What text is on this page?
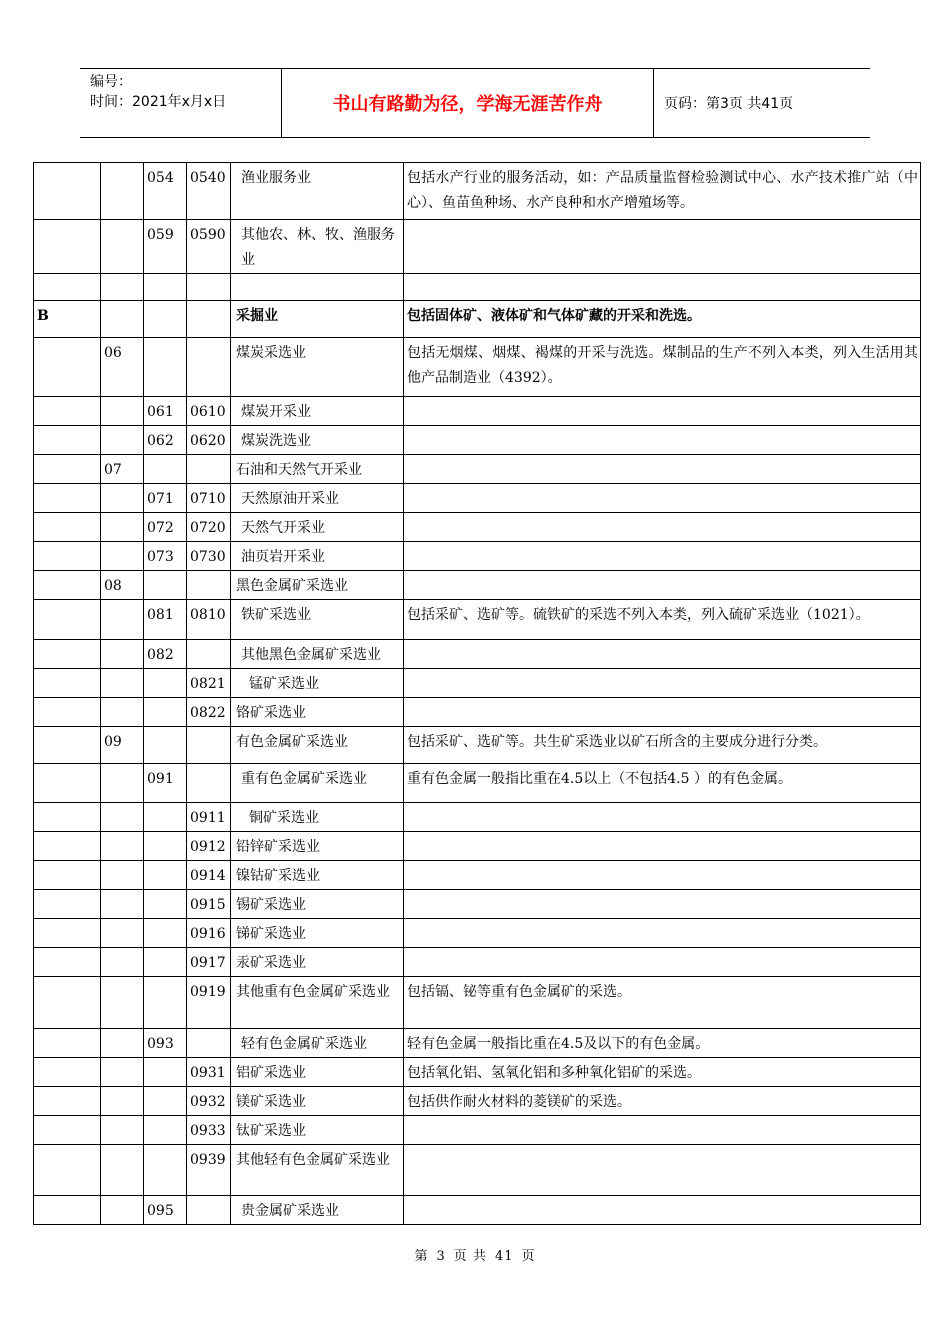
编号：
时间：2021年x月x日	书山有路勤为径，学海无涯苦作舟	页码：第3页 共41页
		054	0540	渔业服务业	包括水产行业的服务活动，如：产品质量监督检验测试中心、水产技术推广站（中心）、鱼苗鱼种场、水产良种和水产增殖场等。
		059	0590	其他农、林、牧、渔服务业	

B				采掘业	包括固体矿、液体矿和气体矿藏的开采和洗选。
	06			煤炭采选业	包括无烟煤、烟煤、褐煤的开采与洗选。煤制品的生产不列入本类，列入生活用其他产品制造业（4392）。
		061	0610	煤炭开采业	
		062	0620	煤炭洗选业	
	07			石油和天然气开采业	
		071	0710	天然原油开采业	
		072	0720	天然气开采业	
		073	0730	油页岩开采业	
	08			黑色金属矿采选业	
		081	0810	铁矿采选业	包括采矿、选矿等。硫铁矿的采选不列入本类，列入硫矿采选业（1021）。
		082		其他黑色金属矿采选业	
			0821	锰矿采选业	
			0822	铬矿采选业	
	09			有色金属矿采选业	包括采矿、选矿等。共生矿采选业以矿石所含的主要成分进行分类。
		091		重有色金属矿采选业	重有色金属一般指比重在4.5以上（不包括4.5 ）的有色金属。
			0911	铜矿采选业	
			0912	铅锌矿采选业	
			0914	镍钴矿采选业	
			0915	锡矿采选业	
			0916	锑矿采选业	
			0917	汞矿采选业	
			0919	其他重有色金属矿采选业	包括镉、铋等重有色金属矿的采选。
		093		轻有色金属矿采选业	轻有色金属一般指比重在4.5及以下的有色金属。
			0931	铝矿采选业	包括氧化铝、氢氧化铝和多种氧化铝矿的采选。
			0932	镁矿采选业	包括供作耐火材料的菱镁矿的采选。
			0933	钛矿采选业	
			0939	其他轻有色金属矿采选业	
		095		贵金属矿采选业	
第 3 页 共 41 页
